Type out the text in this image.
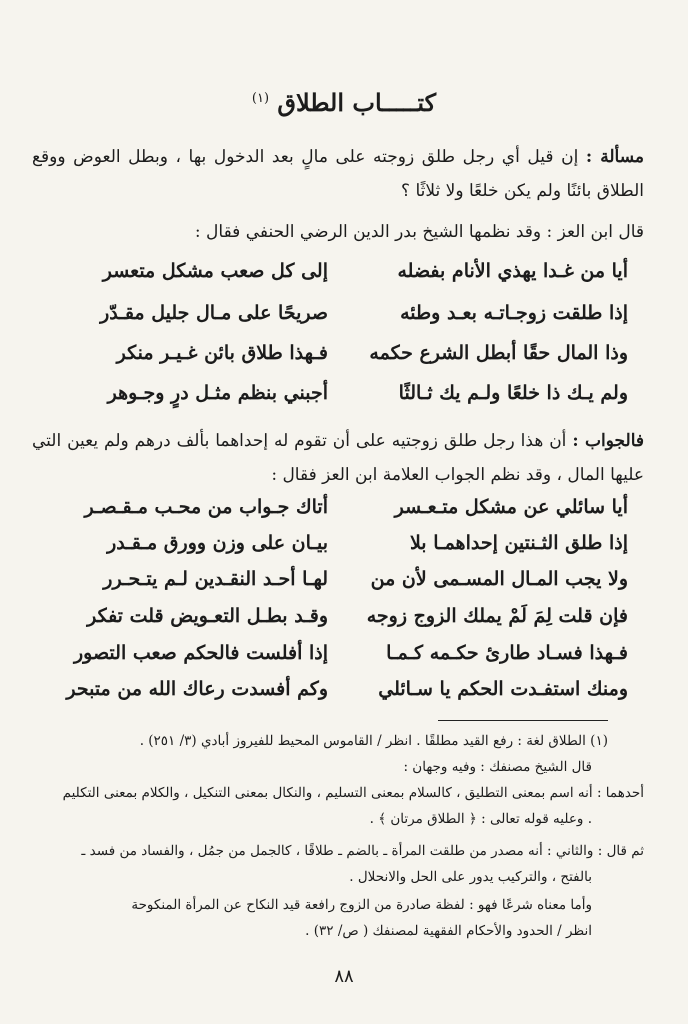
كتـــــاب الطلاق $^{(١)}$
مسألة : إن قيل أي رجل طلق زوجته على مالٍ بعد الدخول بها ، وبطل العوض ووقع الطلاق بائنًا ولم يكن خلعًا ولا ثلاثًا ؟
قال ابن العز : وقد نظمها الشيخ بدر الدين الرضي الحنفي فقال :
أيا من غـدا يهذي الأنام بفضله
إلى كل صعب مشكل متعسر
إذا طلقت زوجـاتـه بعـد وطئه
صريحًا على مـال جليل مقـدّر
وذا المال حقًا أبطل الشرع حكمه
فـهذا طلاق بائن غـيـر منكر
ولم يـك ذا خلعًا ولـم يك ثـالثًا
أجبني بنظم مثـل درٍ وجـوهر
فالجواب : أن هذا رجل طلق زوجتيه على أن تقوم له إحداهما بألف درهم ولم يعين التي عليها المال ، وقد نظم الجواب العلامة ابن العز فقال :
أيا سائلي عن مشكل متـعـسر
أتاك جـواب من محـب مـقـصـر
إذا طلق الثـنتين إحداهمـا بلا
بيـان على وزن وورق مـقـدر
ولا يجب المـال المسـمى لأن من
لهـا أحـد النقـدين لـم يتـحـرر
فإن قلت لِمَ لَمْ يملك الزوج زوجه
وقـد بطـل التعـويض قلت تفكر
فـهذا فسـاد طارئ حكـمه كـمـا
إذا أفلست فالحكم صعب التصور
ومنك استفـدت الحكم يا سـائلي
وكم أفسدت رعاك الله من متبحر
(١) الطلاق لغة : رفع القيد مطلقًا . انظر / القاموس المحيط للفيروز أبادي (٣/ ٢٥١) .
قال الشيخ مصنفك : وفيه وجهان :
أحدهما : أنه اسم بمعنى التطليق ، كالسلام بمعنى التسليم ، والنكال بمعنى التنكيل ، والكلام بمعنى التكليم
. وعليه قوله تعالى : ﴿ الطلاق مرتان ﴾ .
ثم قال : والثاني : أنه مصدر من طلقت المرأة ـ بالضم ـ طلاقًا ، كالجمل من جمُل ، والفساد من فسد ـ
بالفتح ، والتركيب يدور على الحل والانحلال .
وأما معناه شرعًا فهو : لفظة صادرة من الزوج رافعة قيد النكاح عن المرأة المنكوحة
انظر / الحدود والأحكام الفقهية لمصنفك ( ص/ ٣٢) .
٨٨
